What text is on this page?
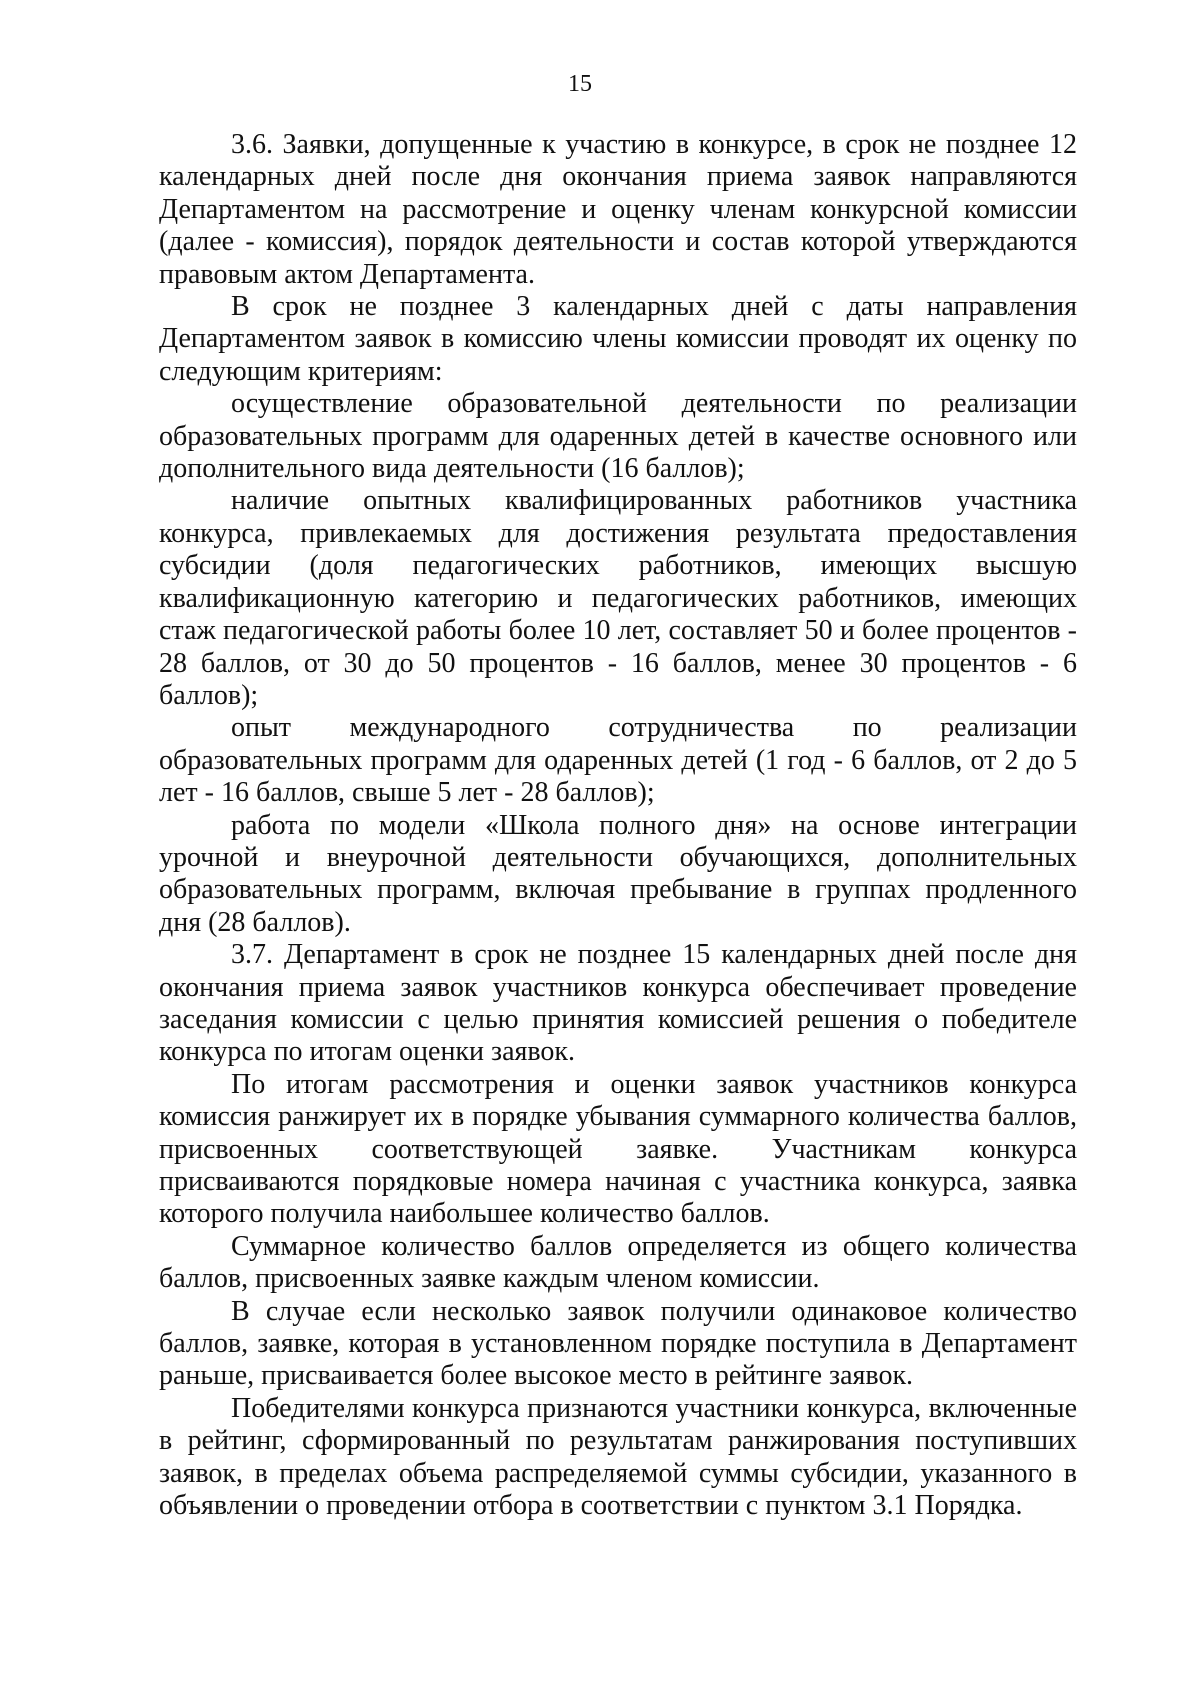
15

3.6. Заявки, допущенные к участию в конкурсе, в срок не позднее 12 календарных дней после дня окончания приема заявок направляются Департаментом на рассмотрение и оценку членам конкурсной комиссии (далее - комиссия), порядок деятельности и состав которой утверждаются правовым актом Департамента.

В срок не позднее 3 календарных дней с даты направления Департаментом заявок в комиссию члены комиссии проводят их оценку по следующим критериям:

осуществление образовательной деятельности по реализации образовательных программ для одаренных детей в качестве основного или дополнительного вида деятельности (16 баллов);

наличие опытных квалифицированных работников участника конкурса, привлекаемых для достижения результата предоставления субсидии (доля педагогических работников, имеющих высшую квалификационную категорию и педагогических работников, имеющих стаж педагогической работы более 10 лет, составляет 50 и более процентов - 28 баллов, от 30 до 50 процентов - 16 баллов, менее 30 процентов - 6 баллов);

опыт международного сотрудничества по реализации образовательных программ для одаренных детей (1 год - 6 баллов, от 2 до 5 лет - 16 баллов, свыше 5 лет - 28 баллов);

работа по модели «Школа полного дня» на основе интеграции урочной и внеурочной деятельности обучающихся, дополнительных образовательных программ, включая пребывание в группах продленного дня (28 баллов).

3.7. Департамент в срок не позднее 15 календарных дней после дня окончания приема заявок участников конкурса обеспечивает проведение заседания комиссии с целью принятия комиссией решения о победителе конкурса по итогам оценки заявок.

По итогам рассмотрения и оценки заявок участников конкурса комиссия ранжирует их в порядке убывания суммарного количества баллов, присвоенных соответствующей заявке. Участникам конкурса присваиваются порядковые номера начиная с участника конкурса, заявка которого получила наибольшее количество баллов.

Суммарное количество баллов определяется из общего количества баллов, присвоенных заявке каждым членом комиссии.

В случае если несколько заявок получили одинаковое количество баллов, заявке, которая в установленном порядке поступила в Департамент раньше, присваивается более высокое место в рейтинге заявок.

Победителями конкурса признаются участники конкурса, включенные в рейтинг, сформированный по результатам ранжирования поступивших заявок, в пределах объема распределяемой суммы субсидии, указанного в объявлении о проведении отбора в соответствии с пунктом 3.1 Порядка.
